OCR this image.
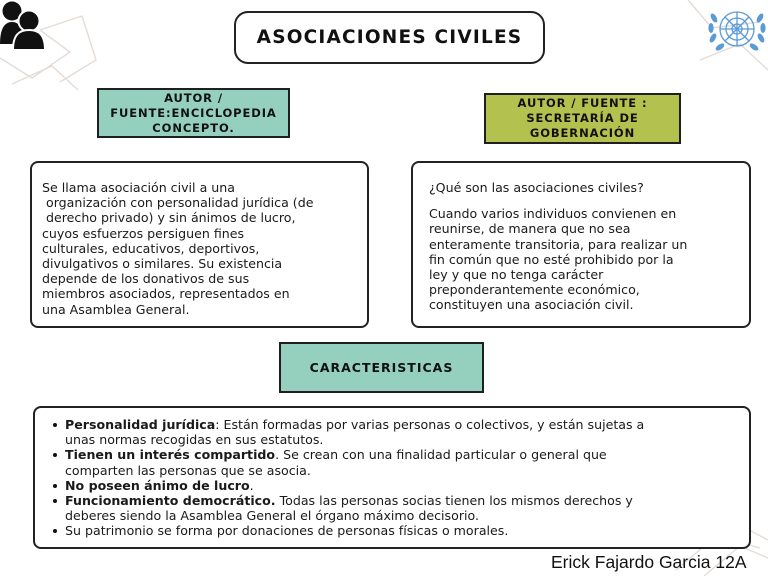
ASOCIACIONES CIVILES
AUTOR /
FUENTE:ENCICLOPEDIA
CONCEPTO.
AUTOR / FUENTE :
SECRETARÍA DE
GOBERNACIÓN
Se llama asociación civil a una
organización con personalidad jurídica (de
derecho privado) y sin ánimos de lucro,
cuyos esfuerzos persiguen fines
culturales, educativos, deportivos,
divulgativos o similares. Su existencia
depende de los donativos de sus
miembros asociados, representados en
una Asamblea General.
¿Qué son las asociaciones civiles?
Cuando varios individuos convienen en
reunirse, de manera que no sea
enteramente transitoria, para realizar un
fin común que no esté prohibido por la
ley y que no tenga carácter
preponderantemente económico,
constituyen una asociación civil.
CARACTERISTICAS
Personalidad jurídica: Están formadas por varias personas o colectivos, y están sujetas a
unas normas recogidas en sus estatutos.
Tienen un interés compartido. Se crean con una finalidad particular o general que
comparten las personas que se asocia.
No poseen ánimo de lucro.
Funcionamiento democrático. Todas las personas socias tienen los mismos derechos y
deberes siendo la Asamblea General el órgano máximo decisorio.
Su patrimonio se forma por donaciones de personas físicas o morales.
Erick Fajardo Garcia 12A
